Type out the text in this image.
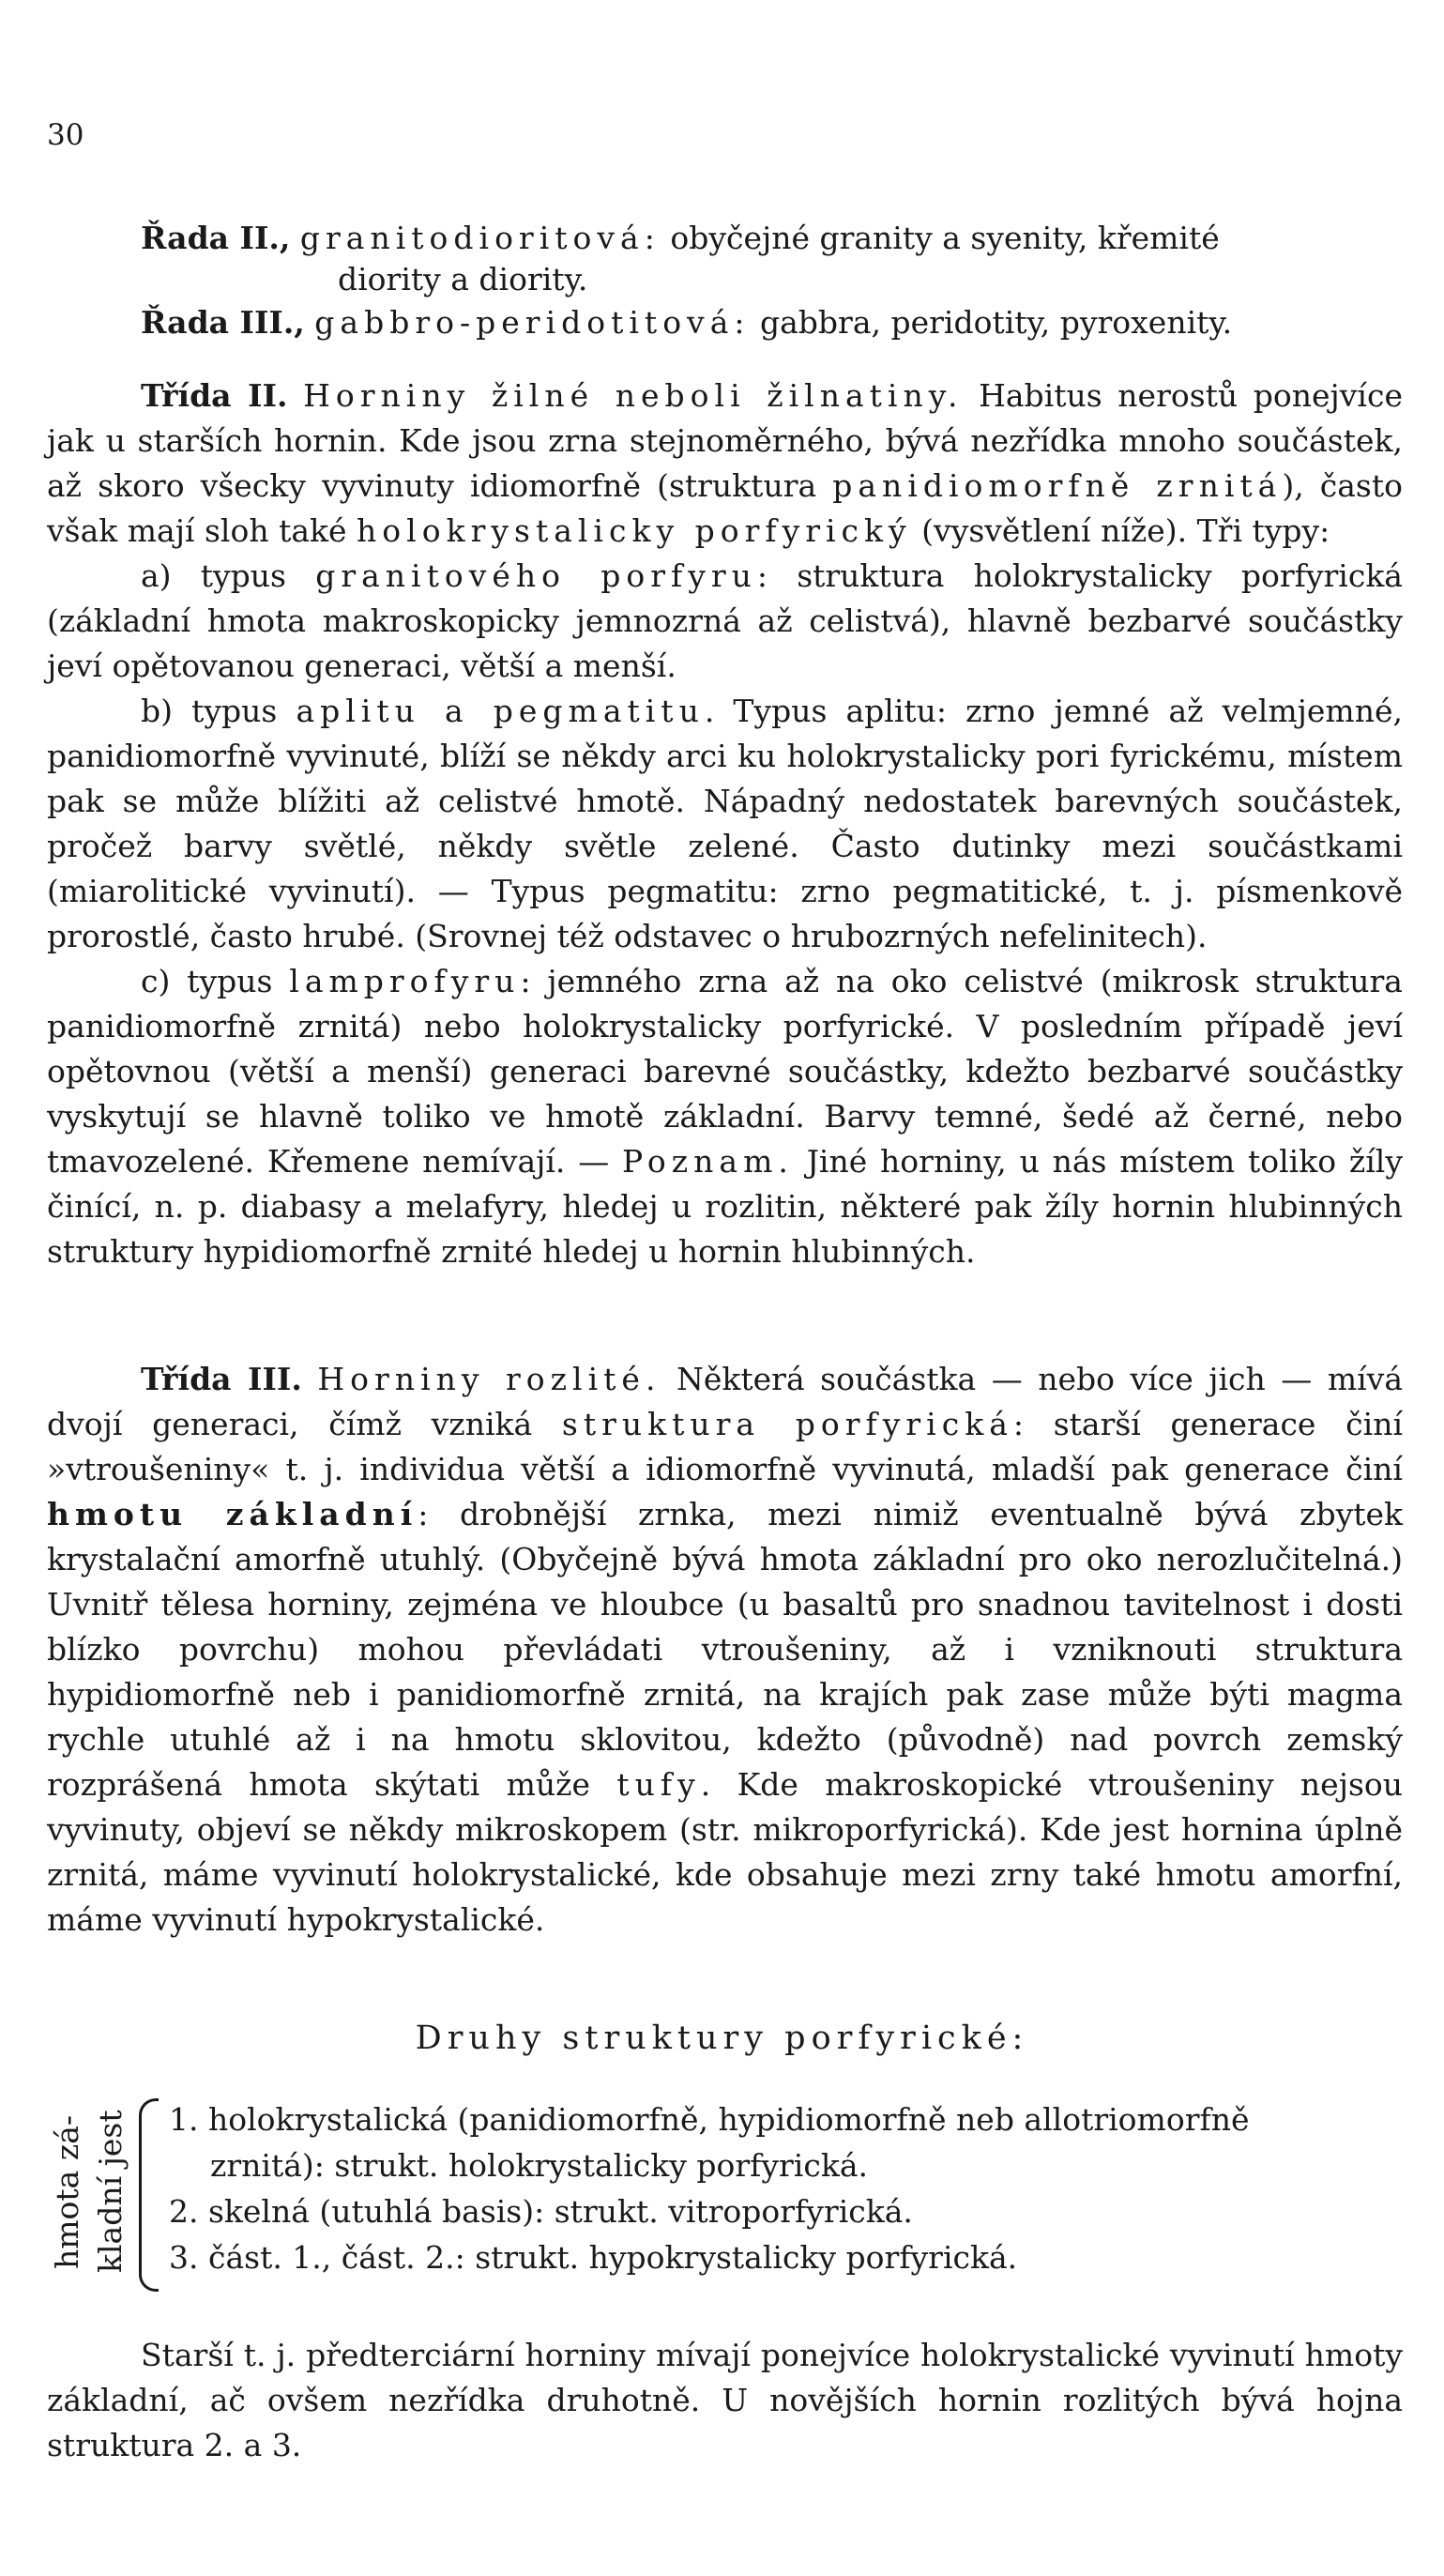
30
Řada II., granitodioritová: obyčejné granity a syenity, křemité
diority a diority.
Řada III., gabbro-peridotitová: gabbra, peridotity, pyroxenity.
Třída II. Horniny žilné neboli žilnatiny. Habitus nerostů ponejvíce jak u starších hornin. Kde jsou zrna stejnoměrného, bývá nezřídka mnoho součástek, až skoro všecky vyvinuty idiomorfně (struktura panidiomorfně zrnitá), často však mají sloh také holokrystalicky porfyrický (vysvětlení níže). Tři typy:
a) typus granitového porfyru: struktura holokrystalicky porfyrická (základní hmota makroskopicky jemnozrná až celistvá), hlavně bezbarvé součástky jeví opětovanou generaci, větší a menší.
b) typus aplitu a pegmatitu. Typus aplitu: zrno jemné až velmjemné, panidiomorfně vyvinuté, blíží se někdy arci ku holokrystalicky pori fyrickému, místem pak se může blížiti až celistvé hmotě. Nápadný nedostatek barevných součástek, pročež barvy světlé, někdy světle zelené. Často dutinky mezi součástkami (miarolitické vyvinutí). — Typus pegmatitu: zrno pegmatitické, t. j. písmenkově prorostlé, často hrubé. (Srovnej též odstavec o hrubozrných nefelinitech).
c) typus lamprofyru: jemného zrna až na oko celistvé (mikrosk struktura panidiomorfně zrnitá) nebo holokrystalicky porfyrické. V posledním případě jeví opětovnou (větší a menší) generaci barevné součástky, kdežto bezbarvé součástky vyskytují se hlavně toliko ve hmotě základní. Barvy temné, šedé až černé, nebo tmavozelené. Křemene nemívají. — Poznam. Jiné horniny, u nás místem toliko žíly činící, n. p. diabasy a melafyry, hledej u rozlitin, některé pak žíly hornin hlubinných struktury hypidiomorfně zrnité hledej u hornin hlubinných.
Třída III. Horniny rozlité. Některá součástka — nebo více jich — mívá dvojí generaci, čímž vzniká struktura porfyrická: starší generace činí »vtroušeniny« t. j. individua větší a idiomorfně vyvinutá, mladší pak generace činí hmotu základní: drobnější zrnka, mezi nimiž eventualně bývá zbytek krystalační amorfně utuhlý. (Obyčejně bývá hmota základní pro oko nerozlučitelná.) Uvnitř tělesa horniny, zejména ve hloubce (u basaltů pro snadnou tavitelnost i dosti blízko povrchu) mohou převládati vtroušeniny, až i vzniknouti struktura hypidiomorfně neb i panidiomorfně zrnitá, na krajích pak zase může býti magma rychle utuhlé až i na hmotu sklovitou, kdežto (původně) nad povrch zemský rozprášená hmota skýtati může tufy. Kde makroskopické vtroušeniny nejsou vyvinuty, objeví se někdy mikroskopem (str. mikroporfyrická). Kde jest hornina úplně zrnitá, máme vyvinutí holokrystalické, kde obsahuje mezi zrny také hmotu amorfní, máme vyvinutí hypokrystalické.
Druhy struktury porfyrické:
hmota zá- kladní jest 1. holokrystalická (panidiomorfně, hypidiomorfně neb allotriomorfně
zrnitá): strukt. holokrystalicky porfyrická.
2. skelná (utuhlá basis): strukt. vitroporfyrická.
3. část. 1., část. 2.: strukt. hypokrystalicky porfyrická.
Starší t. j. předterciární horniny mívají ponejvíce holokrystalické vyvinutí hmoty základní, ač ovšem nezřídka druhotně. U novějších hornin rozlitých bývá hojna struktura 2. a 3.
